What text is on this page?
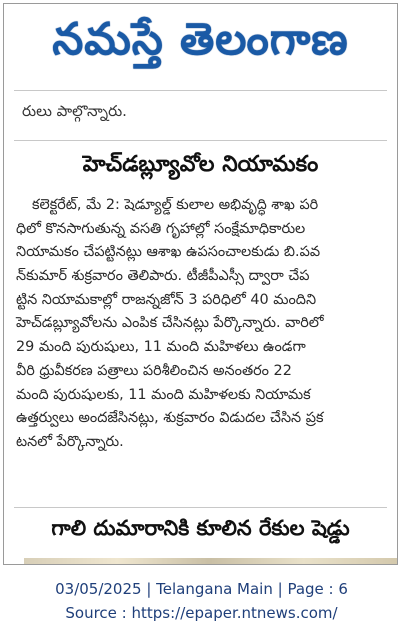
నమస్తే తెలంగాణ
రులు పాల్గొన్నారు.
హెచ్‌డబ్ల్యూవోల నియామకం
కలెక్టరేట్, మే 2: షెడ్యూల్డ్ కులాల అభివృద్ధి శాఖ పరి
ధిలో కొనసాగుతున్న వసతి గృహాల్లో సంక్షేమాధికారుల
నియామకం చేపట్టినట్లు ఆశాఖ ఉపసంచాలకుడు బి.పవ
న్‌కుమార్ శుక్రవారం తెలిపారు. టీజీపీఎస్సీ ద్వారా చేప
ట్టిన నియామకాల్లో రాజన్నజోన్ 3 పరిధిలో 40 మందిని
హెచ్‌డబ్ల్యూవోలను ఎంపిక చేసినట్లు పేర్కొన్నారు. వారిలో
29 మంది పురుషులు, 11 మంది మహిళలు ఉండగా
వీరి ధ్రువీకరణ పత్రాలు పరిశీలించిన అనంతరం 22
మంది పురుషులకు, 11 మంది మహిళలకు నియామక
ఉత్తర్వులు అందజేసినట్లు, శుక్రవారం విడుదల చేసిన ప్రక
టనలో పేర్కొన్నారు.
గాలి దుమారానికి కూలిన రేకుల షెడ్డు
03/05/2025 | Telangana Main | Page : 6
Source : https://epaper.ntnews.com/
